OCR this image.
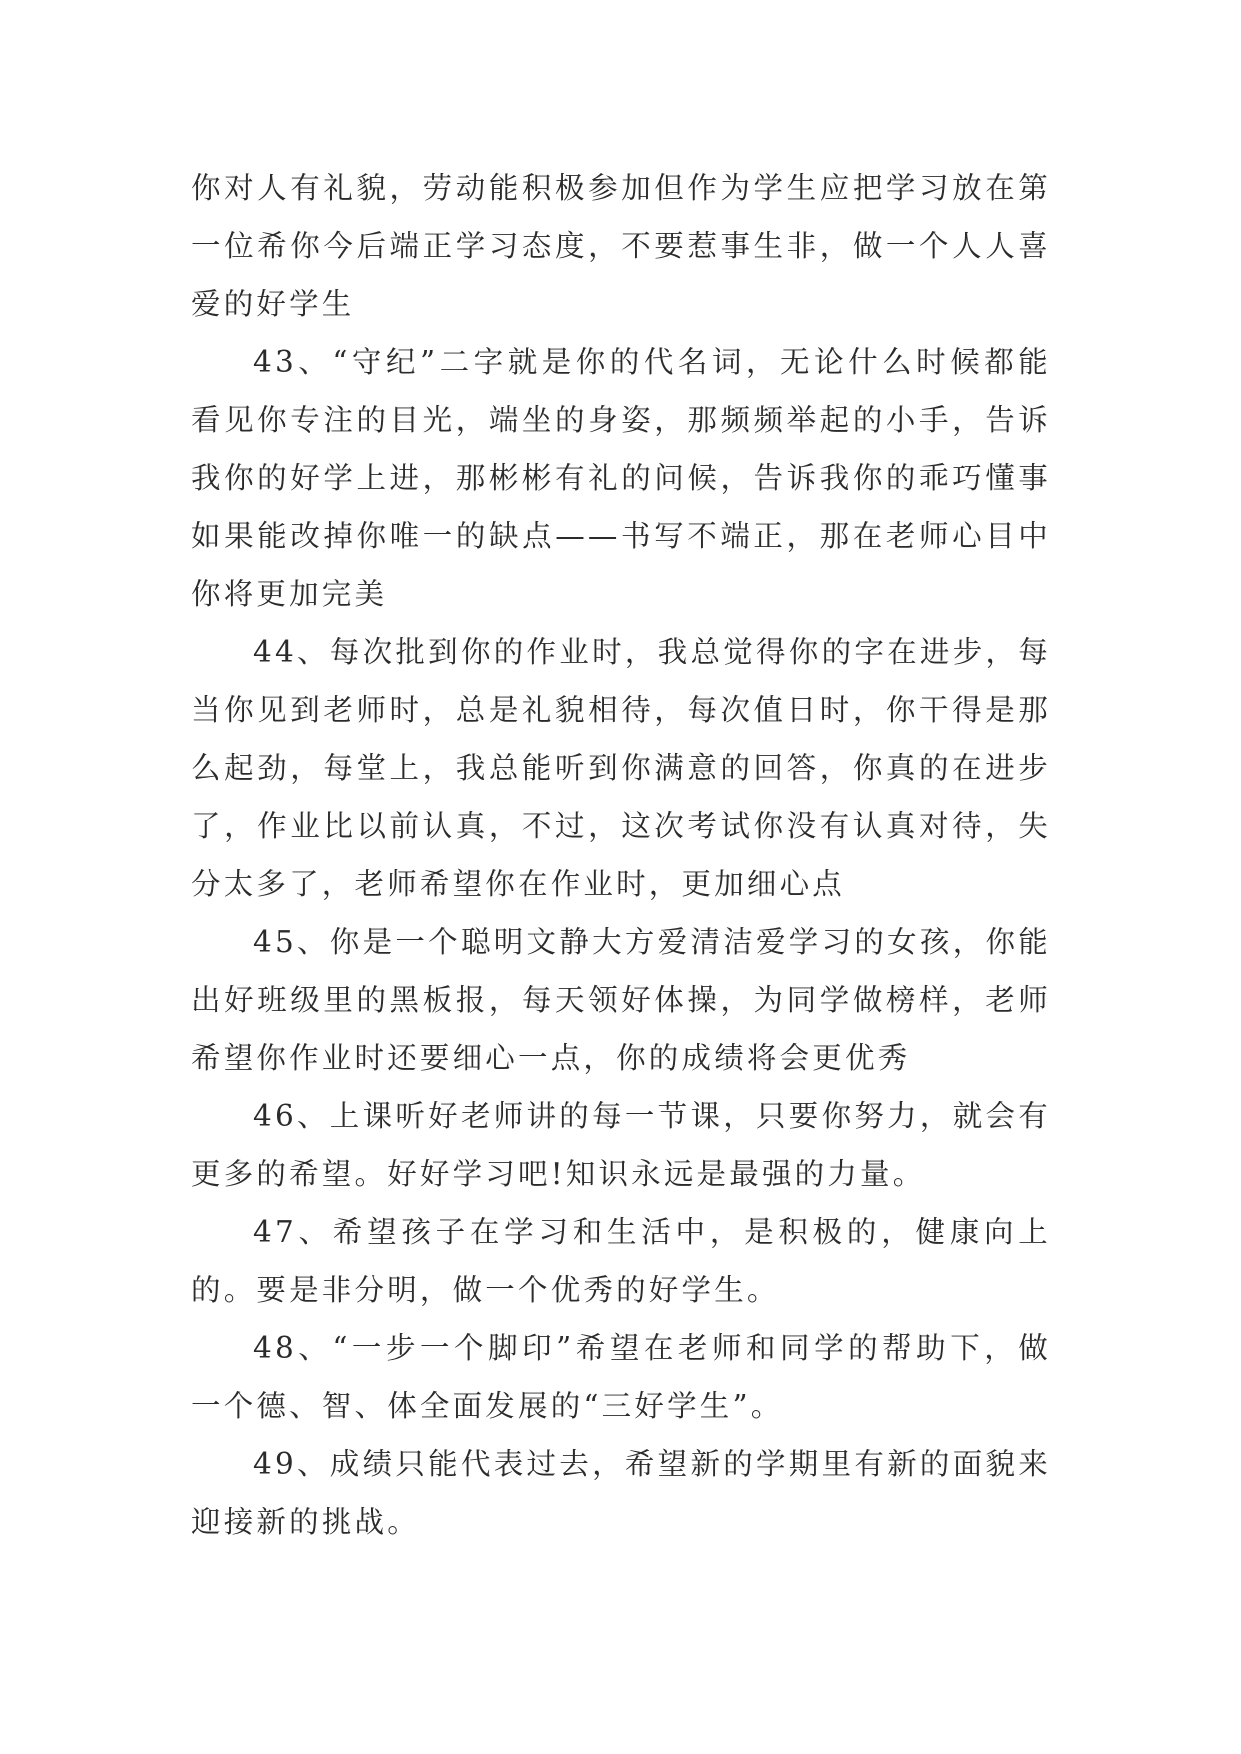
你对人有礼貌，劳动能积极参加但作为学生应把学习放在第一位希你今后端正学习态度，不要惹事生非，做一个人人喜爱的好学生

43、“守纪”二字就是你的代名词，无论什么时候都能看见你专注的目光，端坐的身姿，那频频举起的小手，告诉我你的好学上进，那彬彬有礼的问候，告诉我你的乖巧懂事如果能改掉你唯一的缺点——书写不端正，那在老师心目中你将更加完美

44、每次批到你的作业时，我总觉得你的字在进步，每当你见到老师时，总是礼貌相待，每次值日时，你干得是那么起劲，每堂上，我总能听到你满意的回答，你真的在进步了，作业比以前认真，不过，这次考试你没有认真对待，失分太多了，老师希望你在作业时，更加细心点

45、你是一个聪明文静大方爱清洁爱学习的女孩，你能出好班级里的黑板报，每天领好体操，为同学做榜样，老师希望你作业时还要细心一点，你的成绩将会更优秀

46、上课听好老师讲的每一节课，只要你努力，就会有更多的希望。好好学习吧!知识永远是最强的力量。

47、希望孩子在学习和生活中，是积极的，健康向上的。要是非分明，做一个优秀的好学生。

48、“一步一个脚印”希望在老师和同学的帮助下，做一个德、智、体全面发展的“三好学生”。

49、成绩只能代表过去，希望新的学期里有新的面貌来迎接新的挑战。
